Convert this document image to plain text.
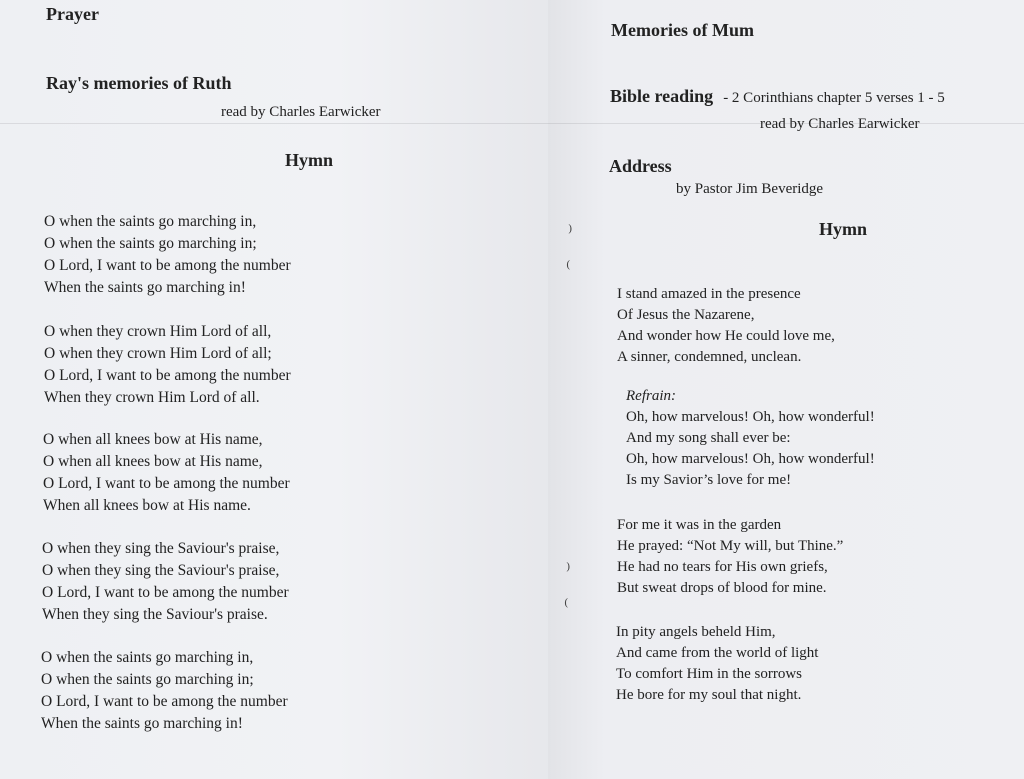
Prayer
Ray's memories of Ruth
read by Charles Earwicker
Hymn
O when the saints go marching in,
O when the saints go marching in;
O Lord, I want to be among the number
When the saints go marching in!
O when they crown Him Lord of all,
O when they crown Him Lord of all;
O Lord, I want to be among the number
When they crown Him Lord of all.
O when all knees bow at His name,
O when all knees bow at His name,
O Lord, I want to be among the number
When all knees bow at His name.
O when they sing the Saviour's praise,
O when they sing the Saviour's praise,
O Lord, I want to be among the number
When they sing the Saviour's praise.
O when the saints go marching in,
O when the saints go marching in;
O Lord, I want to be among the number
When the saints go marching in!
⁾
₍
⁾
₍
Memories of Mum
Bible reading - 2 Corinthians chapter 5 verses 1 - 5
read by Charles Earwicker
Address
by Pastor Jim Beveridge
Hymn
I stand amazed in the presence
Of Jesus the Nazarene,
And wonder how He could love me,
A sinner, condemned, unclean.
Refrain:
Oh, how marvelous! Oh, how wonderful!
And my song shall ever be:
Oh, how marvelous! Oh, how wonderful!
Is my Savior’s love for me!
For me it was in the garden
He prayed: “Not My will, but Thine.”
He had no tears for His own griefs,
But sweat drops of blood for mine.
In pity angels beheld Him,
And came from the world of light
To comfort Him in the sorrows
He bore for my soul that night.
